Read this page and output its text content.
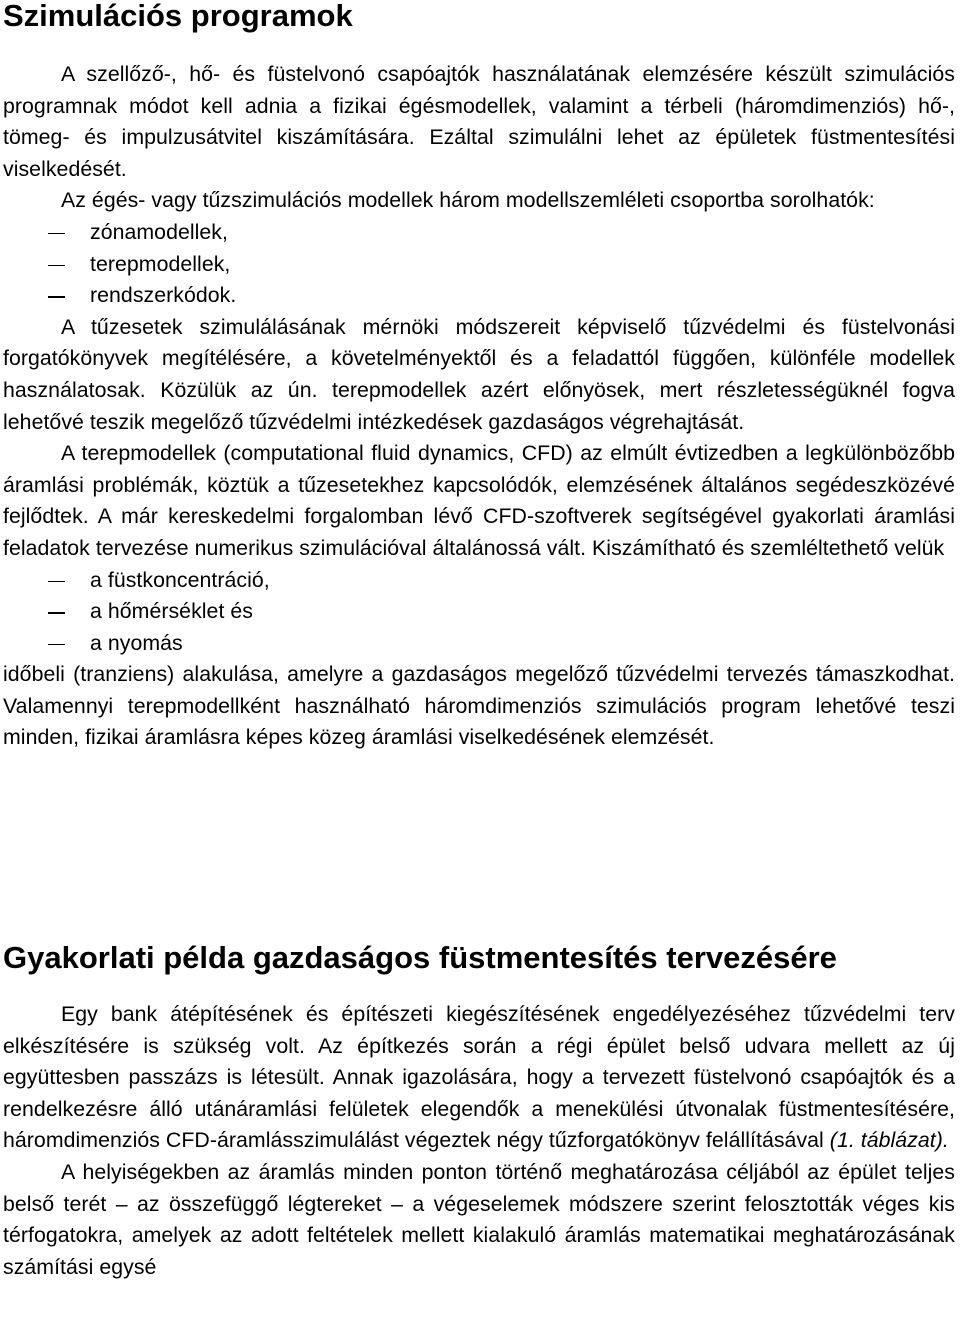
Szimulációs programok

A szellőző-, hő- és füstelvonó csapóajtók használatának elemzésére készült szimulációs programnak módot kell adnia a fizikai égésmodellek, valamint a térbeli (háromdimenziós) hő-, tömeg- és impulzusátvitel kiszámítására. Ezáltal szimulálni lehet az épületek füstmentesítési viselkedését.

Az égés- vagy tűzszimulációs modellek három modellszemléleti csoportba sorolhatók:

zónamodellek,
terepmodellek,
rendszerkódok.

A tűzesetek szimulálásának mérnöki módszereit képviselő tűzvédelmi és füstelvonási forgatókönyvek megítélésére, a követelményektől és a feladattól függően, különféle modellek használatosak. Közülük az ún. terepmodellek azért előnyösek, mert részletességüknél fogva lehetővé teszik megelőző tűzvédelmi intézkedések gazdaságos végrehajtását.

A terepmodellek (computational fluid dynamics, CFD) az elmúlt évtizedben a legkülönbözőbb áramlási problémák, köztük a tűzesetekhez kapcsolódók, elemzésének általános segédeszközévé fejlődtek. A már kereskedelmi forgalomban lévő CFD-szoftverek segítségével gyakorlati áramlási feladatok tervezése numerikus szimulációval általánossá vált. Kiszámítható és szemléltethető velük

a füstkoncentráció,
a hőmérséklet és
a nyomás

időbeli (tranziens) alakulása, amelyre a gazdaságos megelőző tűzvédelmi tervezés támaszkodhat. Valamennyi terepmodellként használható háromdimenziós szimulációs program lehetővé teszi minden, fizikai áramlásra képes közeg áramlási viselkedésének elemzését.

Gyakorlati példa gazdaságos füstmentesítés tervezésére

Egy bank átépítésének és építészeti kiegészítésének engedélyezéséhez tűzvédelmi terv elkészítésére is szükség volt. Az építkezés során a régi épület belső udvara mellett az új együttesben passzázs is létesült. Annak igazolására, hogy a tervezett füstelvonó csapóajtók és a rendelkezésre álló utánáramlási felületek elegendők a menekülési útvonalak füstmentesítésére, háromdimenziós CFD-áramlásszimulálást végeztek négy tűzforgatókönyv felállításával (1. táblázat).

A helyiségekben az áramlás minden ponton történő meghatározása céljából az épület teljes belső terét – az összefüggő légtereket – a végeselemek módszere szerint felosztották véges kis térfogatokra, amelyek az adott feltételek mellett kialakuló áramlás matematikai meghatározásának számítási egysé
